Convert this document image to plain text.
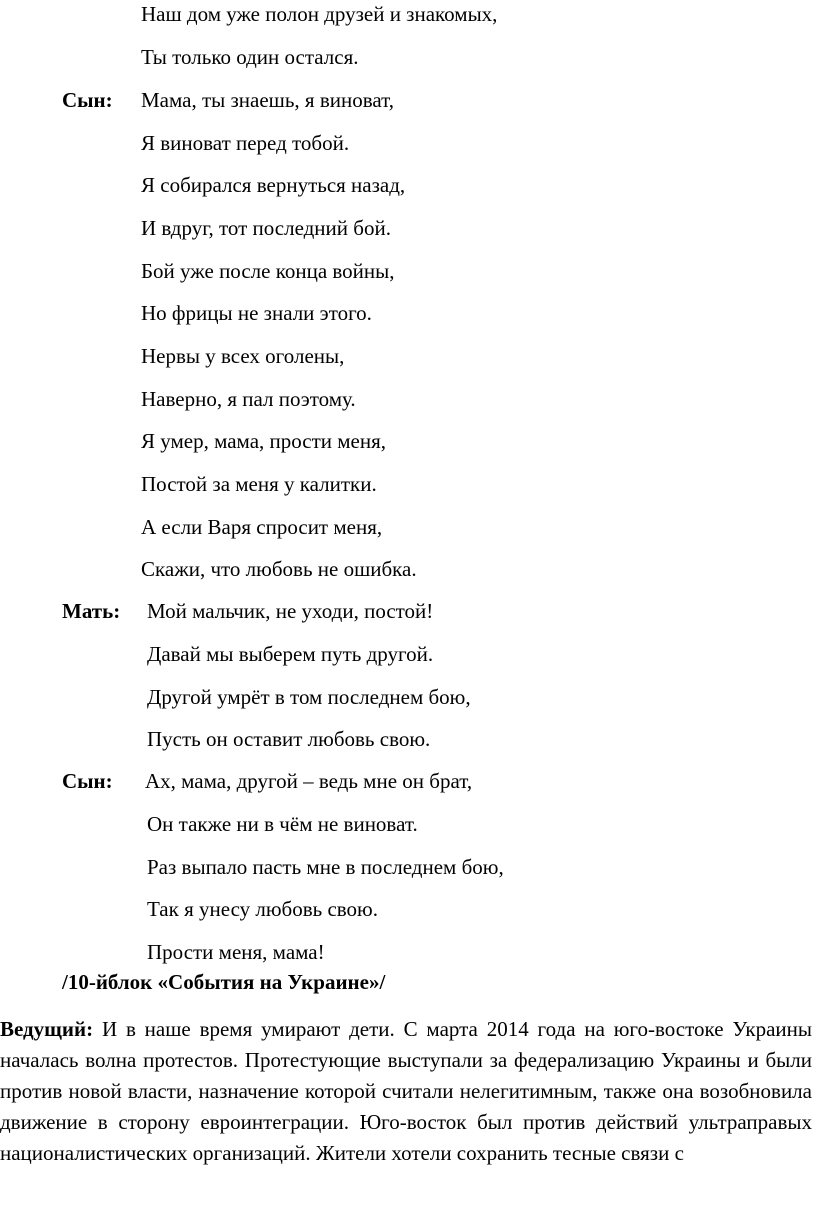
Наш дом уже полон друзей и знакомых,
Ты только один остался.
Сын: Мама, ты знаешь, я виноват,
Я виноват перед тобой.
Я собирался вернуться назад,
И вдруг, тот последний бой.
Бой уже после конца войны,
Но фрицы не знали этого.
Нервы у всех оголены,
Наверно, я пал поэтому.
Я умер, мама, прости меня,
Постой за меня у калитки.
А если Варя спросит меня,
Скажи, что любовь не ошибка.
Мать: Мой мальчик, не уходи, постой!
Давай мы выберем путь другой.
Другой умрёт в том последнем бою,
Пусть он оставит любовь свою.
Сын: Ах, мама, другой – ведь мне он брат,
Он также ни в чём не виноват.
Раз выпало пасть мне в последнем бою,
Так я унесу любовь свою.
Прости меня, мама!
/10-йблок «События на Украине»/
Ведущий: И в наше время умирают дети. С марта 2014 года на юго-востоке Украины началась волна протестов. Протестующие выступали за федерализацию Украины и были против новой власти, назначение которой считали нелегитимным, также она возобновила движение в сторону евроинтеграции. Юго-восток был против действий ультраправых националистических организаций. Жители хотели сохранить тесные связи с
